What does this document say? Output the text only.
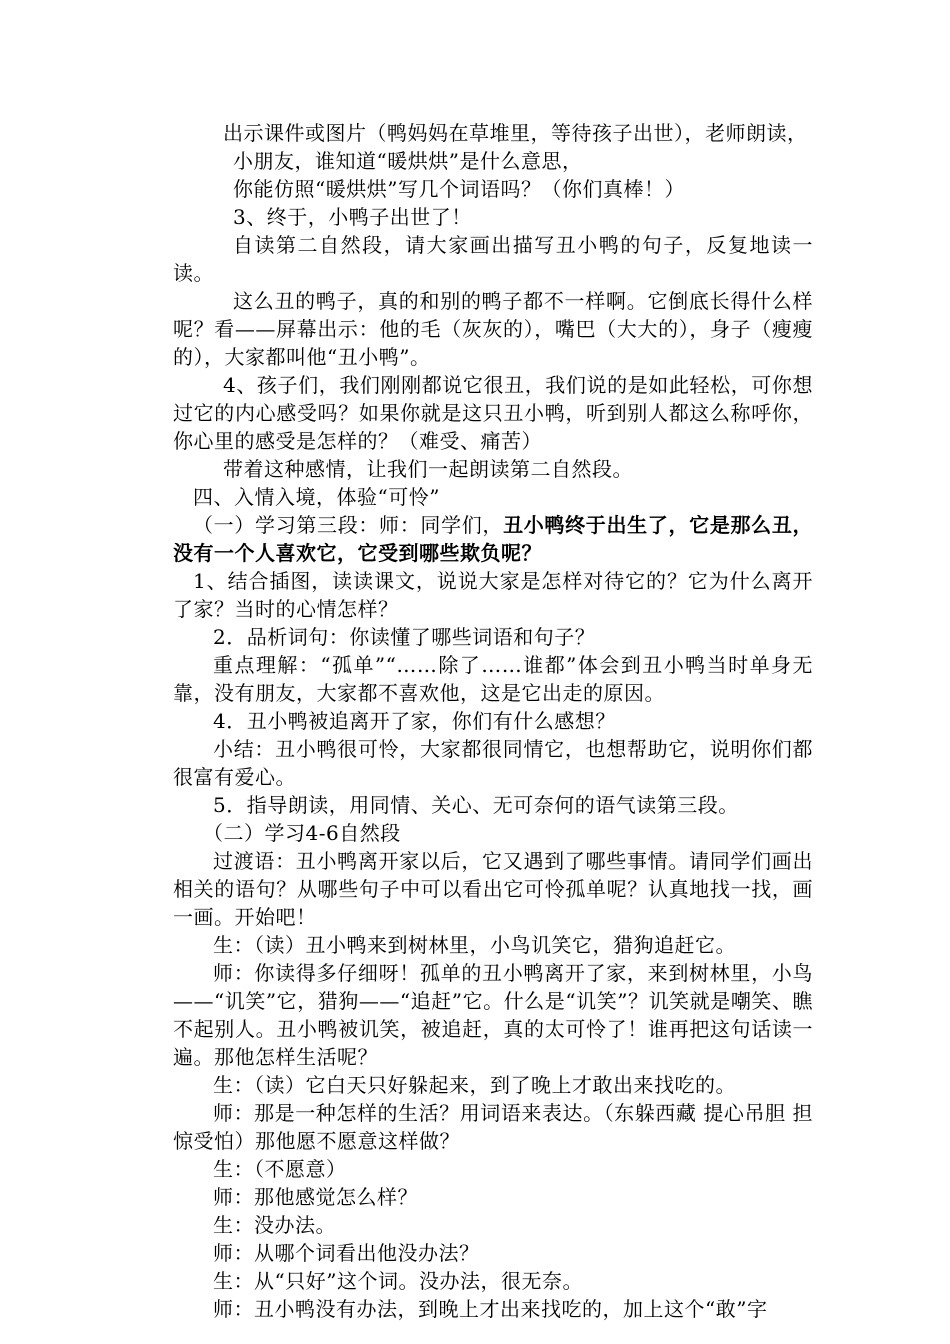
出示课件或图片（鸭妈妈在草堆里，等待孩子出世），老师朗读，

小朋友，谁知道“暖烘烘”是什么意思，

你能仿照“暖烘烘”写几个词语吗？（你们真棒！）

3、终于，小鸭子出世了！

自读第二自然段，请大家画出描写丑小鸭的句子，反复地读一读。

这么丑的鸭子，真的和别的鸭子都不一样啊。它倒底长得什么样呢？看——屏幕出示：他的毛（灰灰的），嘴巴（大大的），身子（瘦瘦的），大家都叫他“丑小鸭”。

4、孩子们，我们刚刚都说它很丑，我们说的是如此轻松，可你想过它的内心感受吗？如果你就是这只丑小鸭，听到别人都这么称呼你，你心里的感受是怎样的？（难受、痛苦）

带着这种感情，让我们一起朗读第二自然段。

四、入情入境，体验“可怜”

（一）学习第三段：师：同学们，丑小鸭终于出生了，它是那么丑，没有一个人喜欢它，它受到哪些欺负呢？

1、结合插图，读读课文，说说大家是怎样对待它的？它为什么离开了家？当时的心情怎样？

2．品析词句：你读懂了哪些词语和句子？

重点理解：“孤单”“……除了……谁都”体会到丑小鸭当时单身无靠，没有朋友，大家都不喜欢他，这是它出走的原因。

4．丑小鸭被追离开了家，你们有什么感想？

小结：丑小鸭很可怜，大家都很同情它，也想帮助它，说明你们都很富有爱心。

5．指导朗读，用同情、关心、无可奈何的语气读第三段。

（二）学习4-6自然段

过渡语：丑小鸭离开家以后，它又遇到了哪些事情。请同学们画出相关的语句？从哪些句子中可以看出它可怜孤单呢？认真地找一找，画一画。开始吧！

生：（读）丑小鸭来到树林里，小鸟讥笑它，猎狗追赶它。

师：你读得多仔细呀！孤单的丑小鸭离开了家，来到树林里，小鸟——“讥笑”它，猎狗——“追赶”它。什么是“讥笑”？讥笑就是嘲笑、瞧不起别人。丑小鸭被讥笑，被追赶，真的太可怜了！谁再把这句话读一遍。那他怎样生活呢？

生：（读）它白天只好躲起来，到了晚上才敢出来找吃的。

师：那是一种怎样的生活？用词语来表达。（东躲西藏 提心吊胆 担惊受怕）那他愿不愿意这样做？

生：（不愿意）

师：那他感觉怎么样？

生：没办法。

师：从哪个词看出他没办法？

生：从“只好”这个词。没办法，很无奈。

师：丑小鸭没有办法，到晚上才出来找吃的，加上这个“敢”字
